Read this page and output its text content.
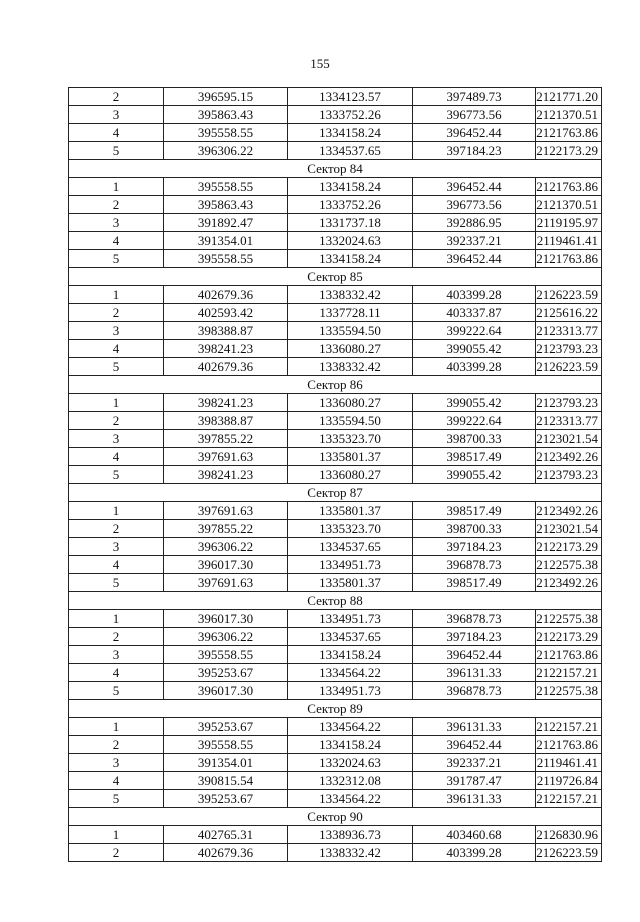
155
2	396595.15	1334123.57	397489.73	2121771.20
3	395863.43	1333752.26	396773.56	2121370.51
4	395558.55	1334158.24	396452.44	2121763.86
5	396306.22	1334537.65	397184.23	2122173.29
Сектор 84				
1	395558.55	1334158.24	396452.44	2121763.86
2	395863.43	1333752.26	396773.56	2121370.51
3	391892.47	1331737.18	392886.95	2119195.97
4	391354.01	1332024.63	392337.21	2119461.41
5	395558.55	1334158.24	396452.44	2121763.86
Сектор 85				
1	402679.36	1338332.42	403399.28	2126223.59
2	402593.42	1337728.11	403337.87	2125616.22
3	398388.87	1335594.50	399222.64	2123313.77
4	398241.23	1336080.27	399055.42	2123793.23
5	402679.36	1338332.42	403399.28	2126223.59
Сектор 86				
1	398241.23	1336080.27	399055.42	2123793.23
2	398388.87	1335594.50	399222.64	2123313.77
3	397855.22	1335323.70	398700.33	2123021.54
4	397691.63	1335801.37	398517.49	2123492.26
5	398241.23	1336080.27	399055.42	2123793.23
Сектор 87				
1	397691.63	1335801.37	398517.49	2123492.26
2	397855.22	1335323.70	398700.33	2123021.54
3	396306.22	1334537.65	397184.23	2122173.29
4	396017.30	1334951.73	396878.73	2122575.38
5	397691.63	1335801.37	398517.49	2123492.26
Сектор 88				
1	396017.30	1334951.73	396878.73	2122575.38
2	396306.22	1334537.65	397184.23	2122173.29
3	395558.55	1334158.24	396452.44	2121763.86
4	395253.67	1334564.22	396131.33	2122157.21
5	396017.30	1334951.73	396878.73	2122575.38
Сектор 89				
1	395253.67	1334564.22	396131.33	2122157.21
2	395558.55	1334158.24	396452.44	2121763.86
3	391354.01	1332024.63	392337.21	2119461.41
4	390815.54	1332312.08	391787.47	2119726.84
5	395253.67	1334564.22	396131.33	2122157.21
Сектор 90				
1	402765.31	1338936.73	403460.68	2126830.96
2	402679.36	1338332.42	403399.28	2126223.59
